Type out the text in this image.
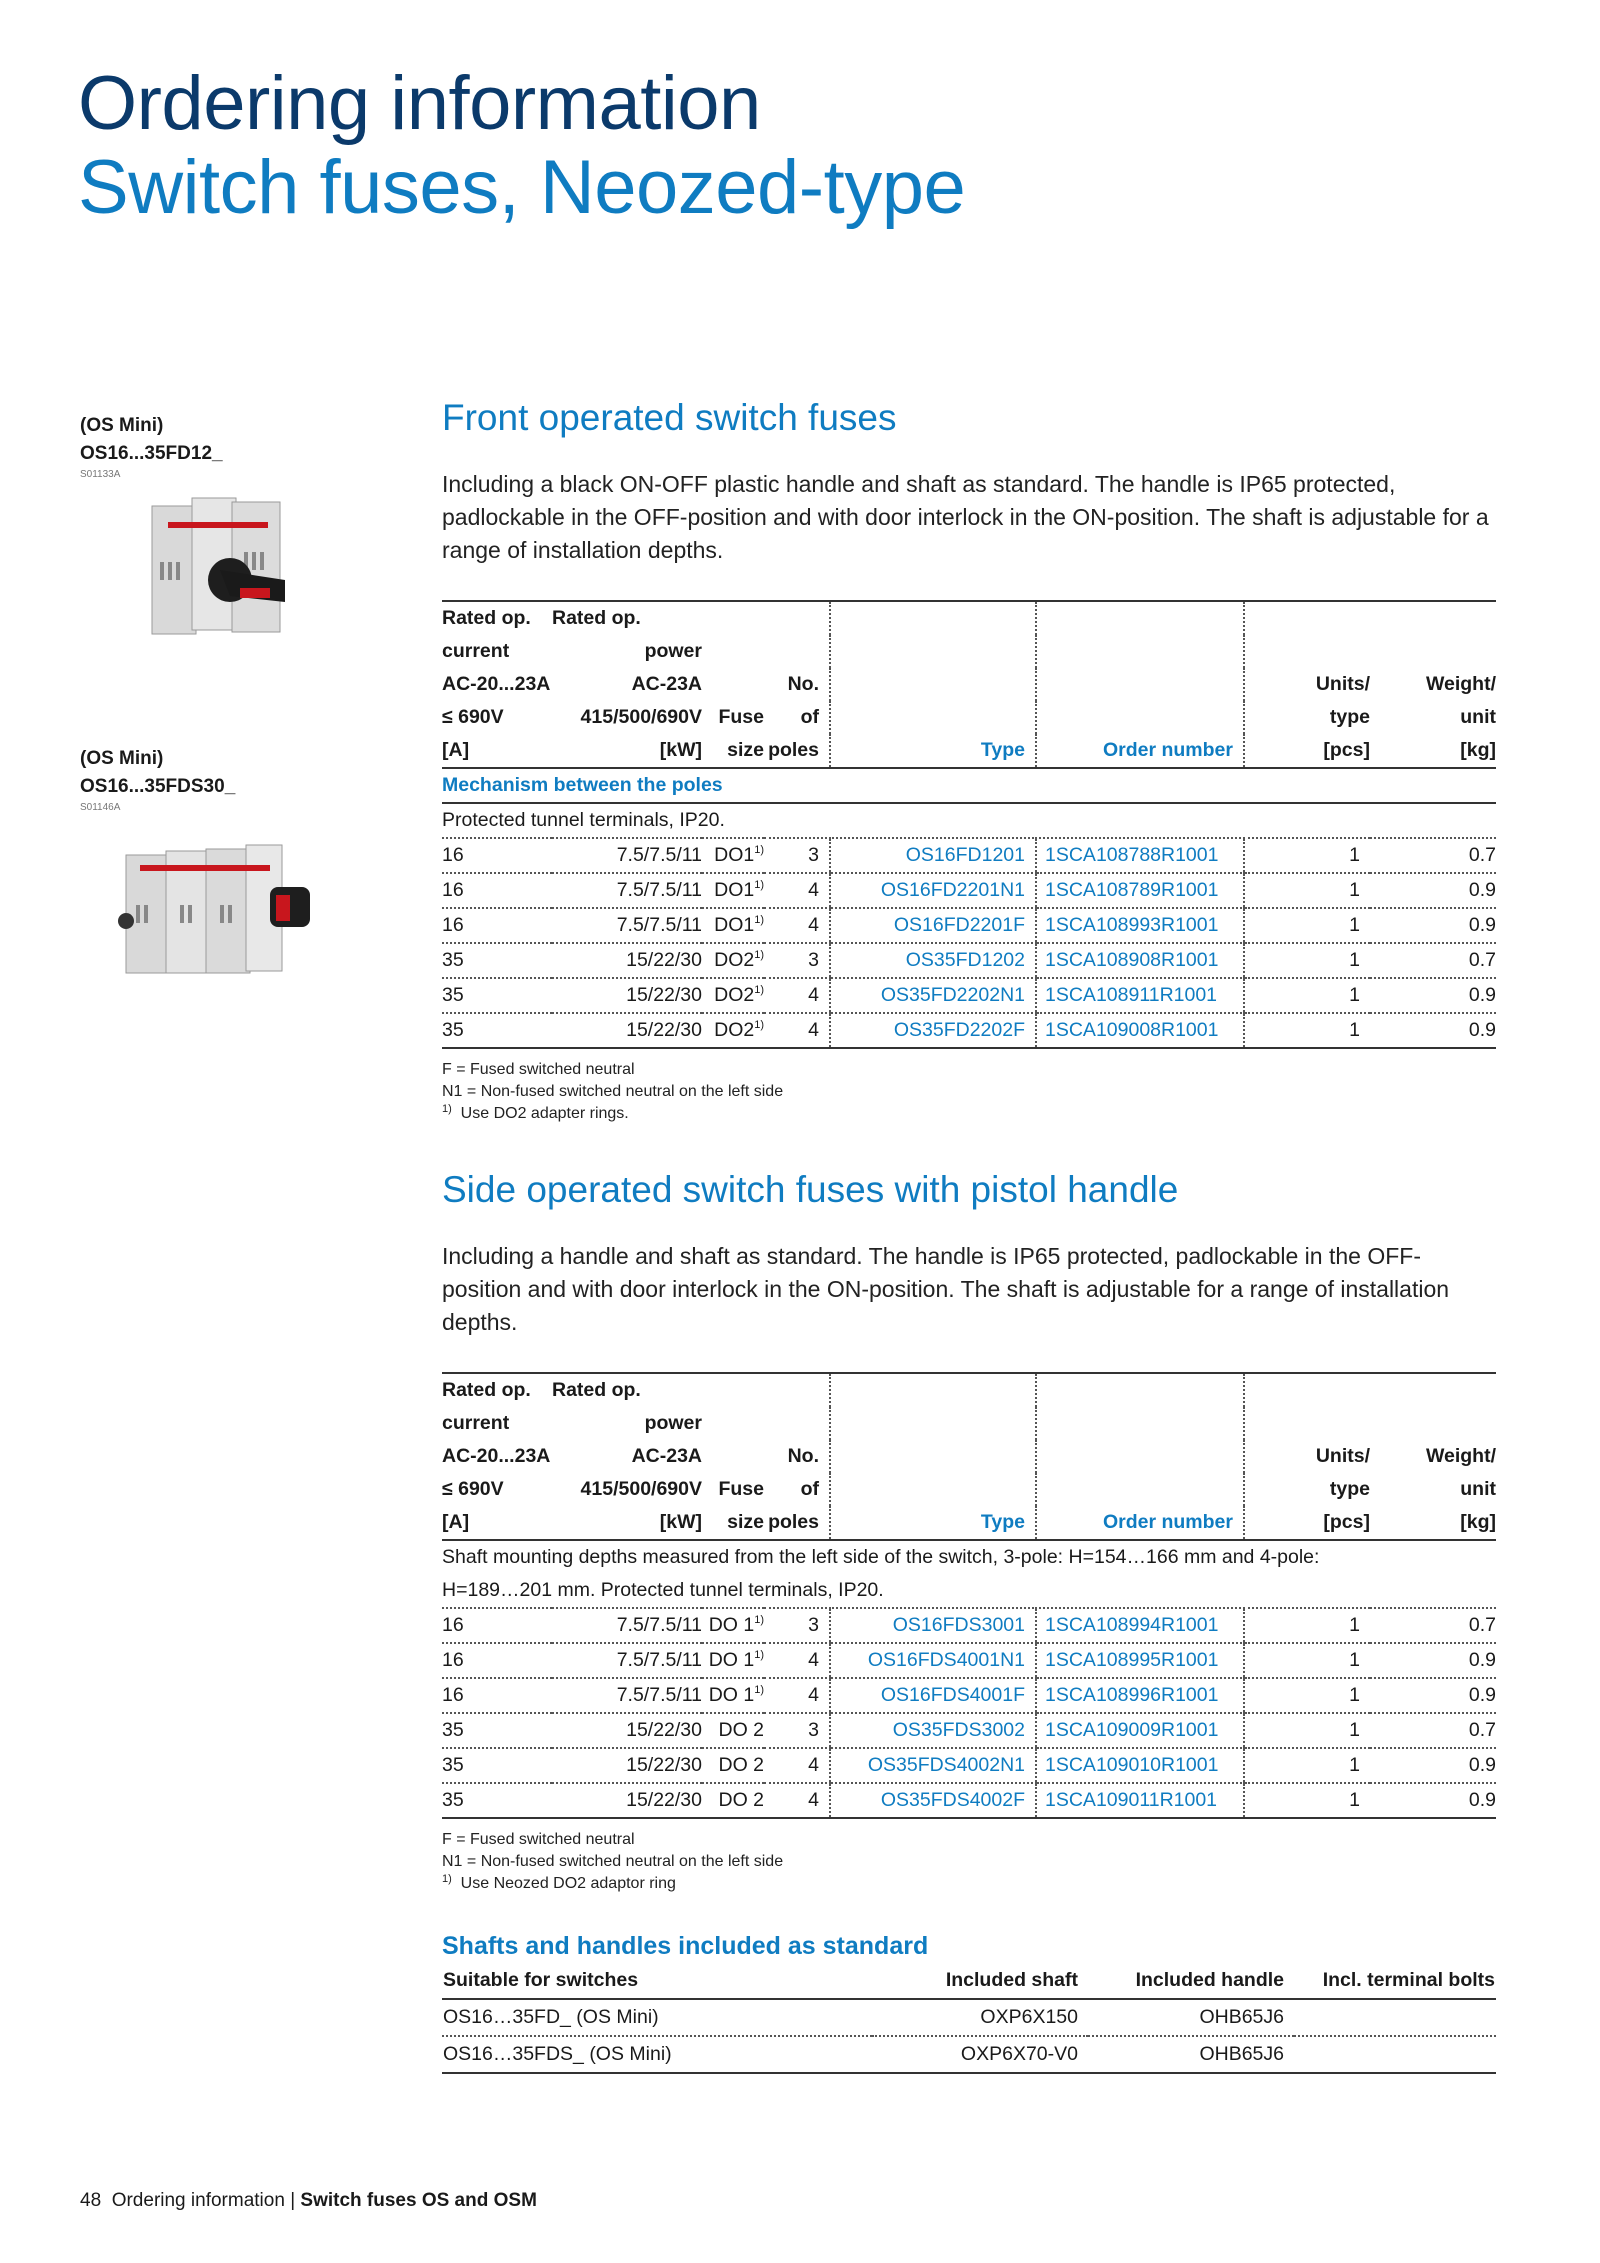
Ordering information
Switch fuses, Neozed-type
(OS Mini)
OS16...35FD12_
S01133A
(OS Mini)
OS16...35FDS30_
S01146A
Front operated switch fuses

Including a black ON-OFF plastic handle and shaft as standard. The handle is IP65 protected, padlockable in the OFF-position and with door interlock in the ON-position. The shaft is adjustable for a range of installation depths.

Rated op.	Rated op.						
current	power						
AC-20...23A	AC-23A		No.			Units/	Weight/
≤ 690V	415/500/690V	Fuse	of			type	unit
[A]	[kW]	size	poles	Type	Order number	[pcs]	[kg]
Mechanism between the poles							
Protected tunnel terminals, IP20.							
16	7.5/7.5/11	DO1$^{1)}$	3	OS16FD1201	1SCA108788R1001	1	0.7
16	7.5/7.5/11	DO1$^{1)}$	4	OS16FD2201N1	1SCA108789R1001	1	0.9
16	7.5/7.5/11	DO1$^{1)}$	4	OS16FD2201F	1SCA108993R1001	1	0.9
35	15/22/30	DO2$^{1)}$	3	OS35FD1202	1SCA108908R1001	1	0.7
35	15/22/30	DO2$^{1)}$	4	OS35FD2202N1	1SCA108911R1001	1	0.9
35	15/22/30	DO2$^{1)}$	4	OS35FD2202F	1SCA109008R1001	1	0.9
F = Fused switched neutral
N1 = Non-fused switched neutral on the left side
$^{1)}$ Use DO2 adapter rings.
Side operated switch fuses with pistol handle

Including a handle and shaft as standard. The handle is IP65 protected, padlockable in the OFF-position and with door interlock in the ON-position. The shaft is adjustable for a range of installation depths.

Rated op.	Rated op.						
current	power						
AC-20...23A	AC-23A		No.			Units/	Weight/
≤ 690V	415/500/690V	Fuse	of			type	unit
[A]	[kW]	size	poles	Type	Order number	[pcs]	[kg]
Shaft mounting depths measured from the left side of the switch, 3-pole: H=154…166 mm and 4-pole:							
H=189…201 mm. Protected tunnel terminals, IP20.							
16	7.5/7.5/11	DO 1$^{1)}$	3	OS16FDS3001	1SCA108994R1001	1	0.7
16	7.5/7.5/11	DO 1$^{1)}$	4	OS16FDS4001N1	1SCA108995R1001	1	0.9
16	7.5/7.5/11	DO 1$^{1)}$	4	OS16FDS4001F	1SCA108996R1001	1	0.9
35	15/22/30	DO 2	3	OS35FDS3002	1SCA109009R1001	1	0.7
35	15/22/30	DO 2	4	OS35FDS4002N1	1SCA109010R1001	1	0.9
35	15/22/30	DO 2	4	OS35FDS4002F	1SCA109011R1001	1	0.9
F = Fused switched neutral
N1 = Non-fused switched neutral on the left side
$^{1)}$ Use Neozed DO2 adaptor ring
Shafts and handles included as standard
Suitable for switches	Included shaft	Included handle	Incl. terminal bolts
OS16…35FD_ (OS Mini)	OXP6X150	OHB65J6	
OS16…35FDS_ (OS Mini)	OXP6X70-V0	OHB65J6	
48 Ordering information | Switch fuses OS and OSM
